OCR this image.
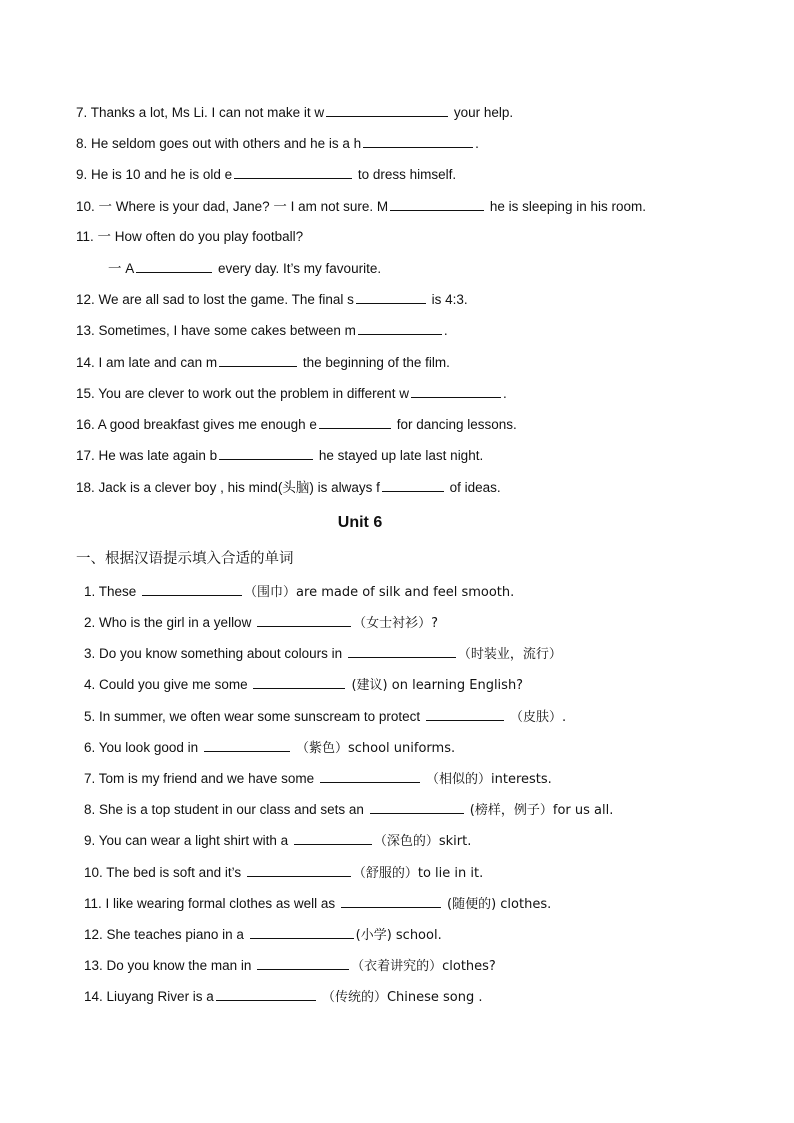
7. Thanks a lot, Ms Li. I can not make it w	your help.
8. He seldom goes out with others and he is a h	.
9. He is 10 and he is old e	to dress himself.
10. 一 Where is your dad, Jane? 一 I am not sure. M	he is sleeping in his room.
11. 一 How often do you play football?
一 A	every day. It’s my favourite.
12. We are all sad to lost the game. The final s	is 4:3.
13. Sometimes, I have some cakes between m	.
14. I am late and can m	the beginning of the film.
15. You are clever to work out the problem in different w	.
16. A good breakfast gives me enough e	for dancing lessons.
17. He was late again b	he stayed up late last night.
18. Jack is a clever boy , his mind(头脑) is always f	of ideas.
Unit 6
一、根据汉语提示填入合适的单词
1. These	（围巾）are made of silk and feel smooth.
2. Who is the girl in a yellow	（女士衬衫）?
3. Do you know something about colours in	（时装业，流行）
4. Could you give me some	(建议) on learning English?
5. In summer, we often wear some sunscream to protect	（皮肤）.
6. You look good in	（紫色）school uniforms.
7. Tom is my friend and we have some	（相似的）interests.
8. She is a top student in our class and sets an	(榜样，例子）for us all.
9. You can wear a light shirt with a	（深色的）skirt.
10. The bed is soft and it’s	（舒服的）to lie in it.
11. I like wearing formal clothes as well as	(随便的) clothes.
12. She teaches piano in a	(小学) school.
13. Do you know the man in	（衣着讲究的）clothes?
14. Liuyang River is a	（传统的）Chinese song .
